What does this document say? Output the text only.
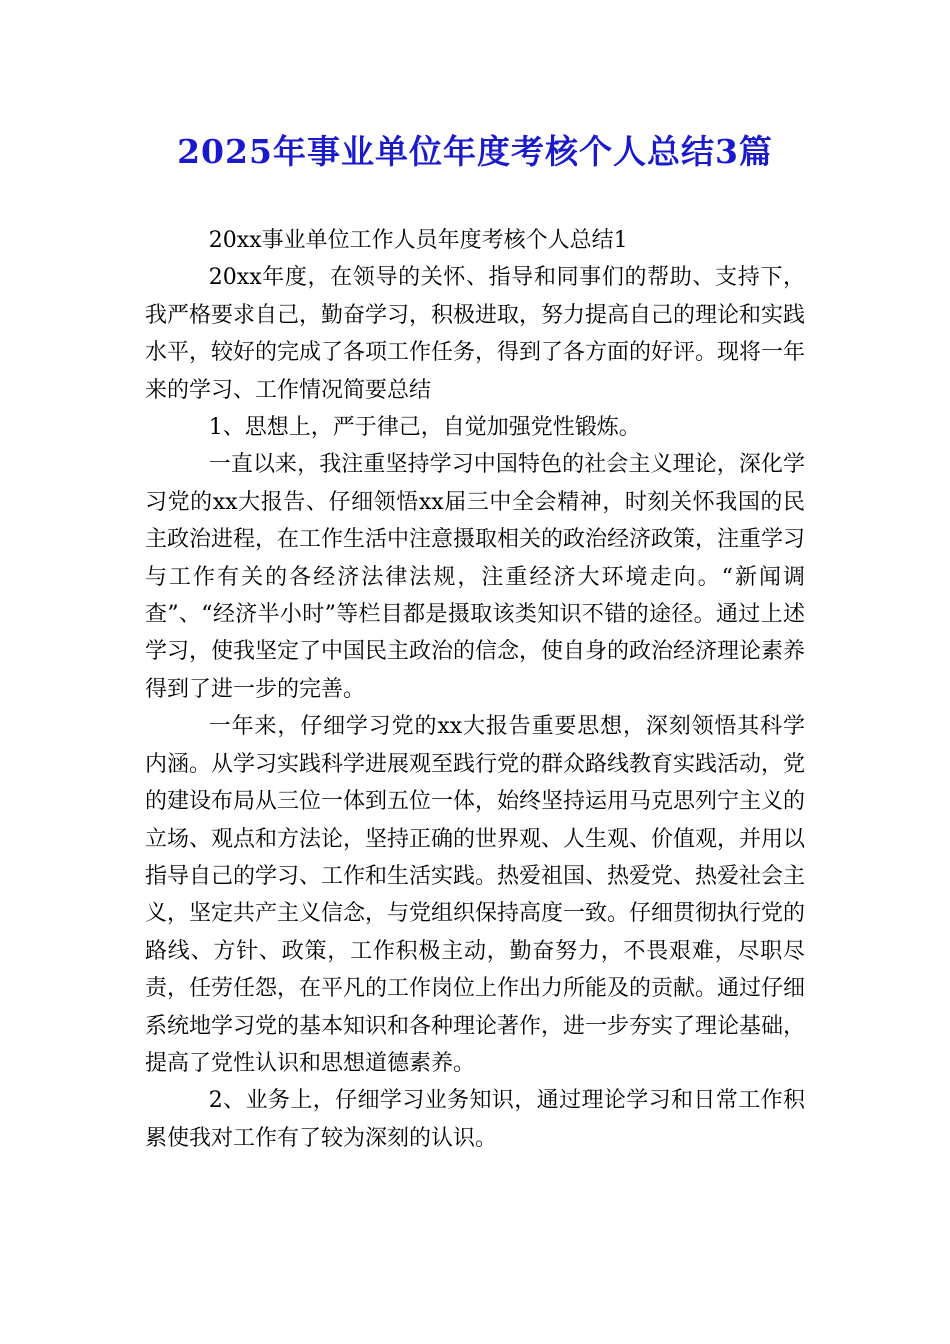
2025年事业单位年度考核个人总结3篇

20xx事业单位工作人员年度考核个人总结1

20xx年度，在领导的关怀、指导和同事们的帮助、支持下，我严格要求自己，勤奋学习，积极进取，努力提高自己的理论和实践水平，较好的完成了各项工作任务，得到了各方面的好评。现将一年来的学习、工作情况简要总结

1、思想上，严于律己，自觉加强党性锻炼。

一直以来，我注重坚持学习中国特色的社会主义理论，深化学习党的xx大报告、仔细领悟xx届三中全会精神，时刻关怀我国的民主政治进程，在工作生活中注意摄取相关的政治经济政策，注重学习与工作有关的各经济法律法规，注重经济大环境走向。“新闻调查”、“经济半小时”等栏目都是摄取该类知识不错的途径。通过上述学习，使我坚定了中国民主政治的信念，使自身的政治经济理论素养得到了进一步的完善。

一年来，仔细学习党的xx大报告重要思想，深刻领悟其科学内涵。从学习实践科学进展观至践行党的群众路线教育实践活动，党的建设布局从三位一体到五位一体，始终坚持运用马克思列宁主义的立场、观点和方法论，坚持正确的世界观、人生观、价值观，并用以指导自己的学习、工作和生活实践。热爱祖国、热爱党、热爱社会主义，坚定共产主义信念，与党组织保持高度一致。仔细贯彻执行党的路线、方针、政策，工作积极主动，勤奋努力，不畏艰难，尽职尽责，任劳任怨，在平凡的工作岗位上作出力所能及的贡献。通过仔细系统地学习党的基本知识和各种理论著作，进一步夯实了理论基础，提高了党性认识和思想道德素养。

2、业务上，仔细学习业务知识，通过理论学习和日常工作积累使我对工作有了较为深刻的认识。
